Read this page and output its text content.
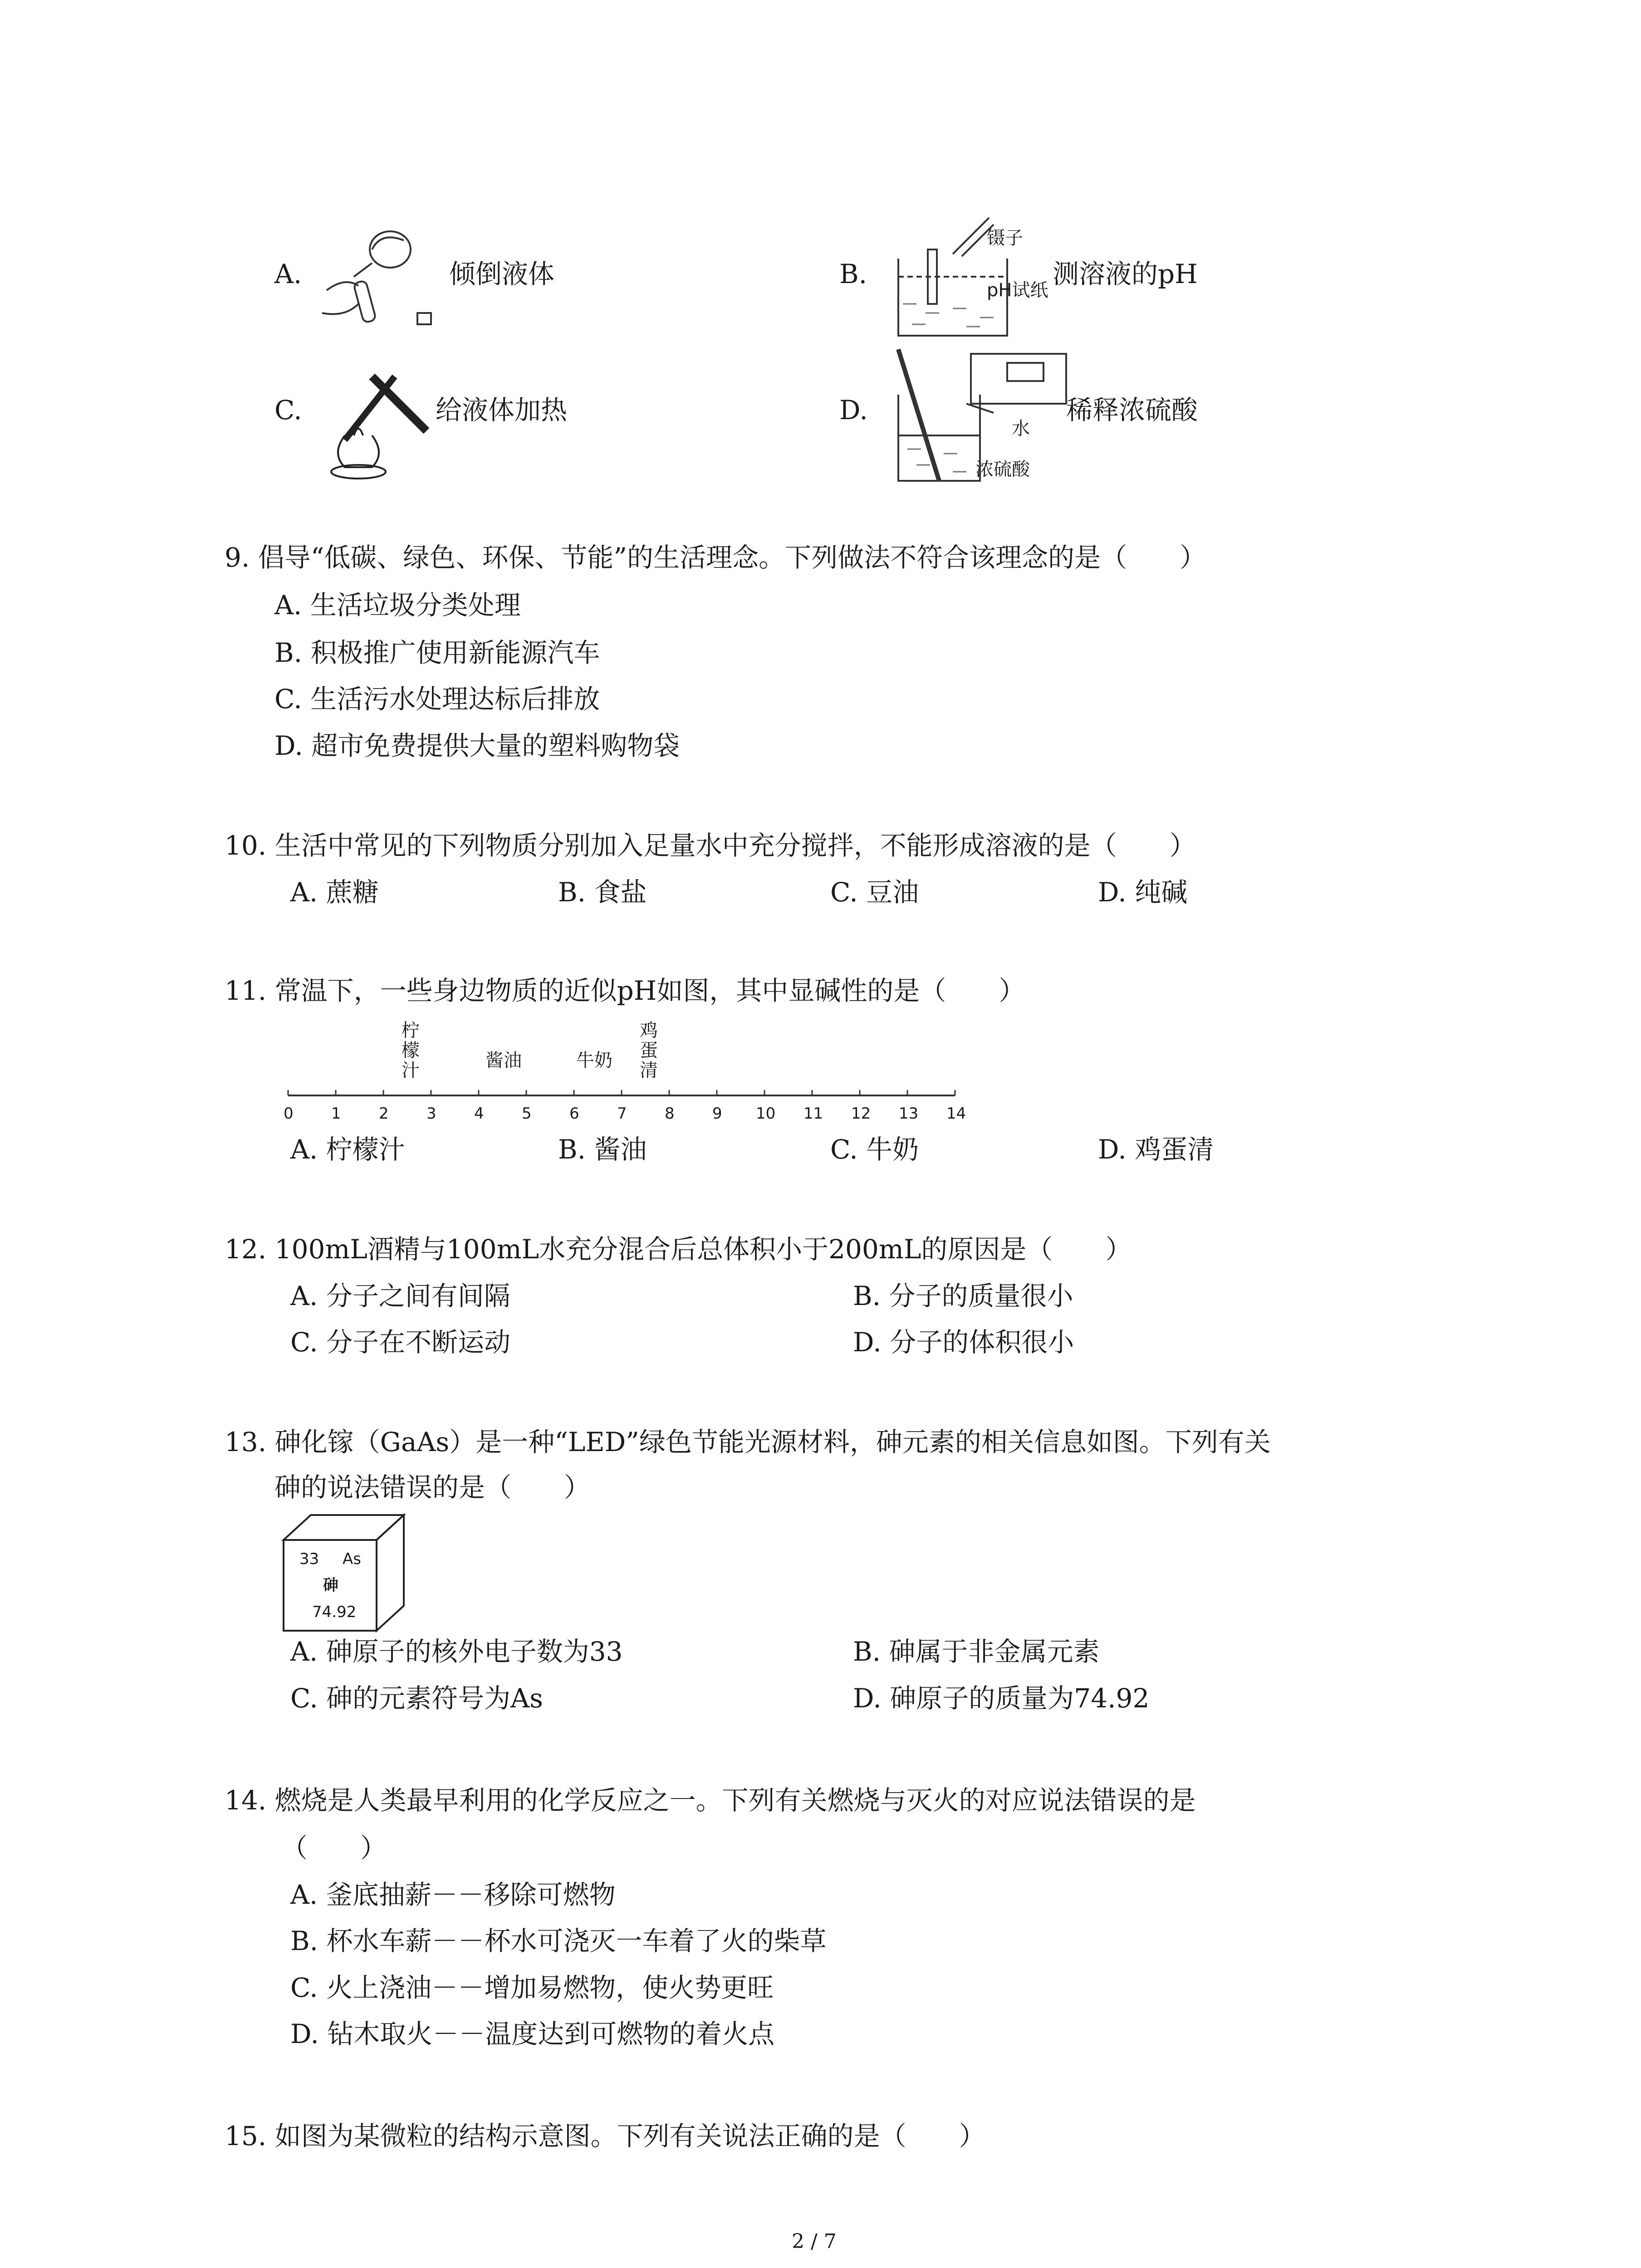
A.	倾倒液体	B.
镊子
pH试纸
测溶液的pH
C.	给液体加热	D.
水
浓硫酸
稀释浓硫酸
9. 倡导“低碳、绿色、环保、节能”的生活理念。下列做法不符合该理念的是（　　）
A. 生活垃圾分类处理
B. 积极推广使用新能源汽车
C. 生活污水处理达标后排放
D. 超市免费提供大量的塑料购物袋
10. 生活中常见的下列物质分别加入足量水中充分搅拌，不能形成溶液的是（　　）
A. 蔗糖	B. 食盐	C. 豆油	D. 纯碱
11. 常温下，一些身边物质的近似pH如图，其中显碱性的是（　　）
柠檬汁	酱油	牛奶
鸡蛋清
0 1 2 3 4 5 6 7 8 9 10 11 12 13 14
A. 柠檬汁	B. 酱油	C. 牛奶	D. 鸡蛋清
12. 100mL酒精与100mL水充分混合后总体积小于200mL的原因是（　　）
A. 分子之间有间隔	B. 分子的质量很小
C. 分子在不断运动	D. 分子的体积很小
13. 砷化镓（GaAs）是一种“LED”绿色节能光源材料，砷元素的相关信息如图。下列有关
砷的说法错误的是（　　）
33 As
砷
74.92
A. 砷原子的核外电子数为33	B. 砷属于非金属元素
C. 砷的元素符号为As	D. 砷原子的质量为74.92
14. 燃烧是人类最早利用的化学反应之一。下列有关燃烧与灭火的对应说法错误的是
（　　）
A. 釜底抽薪－－移除可燃物
B. 杯水车薪－－杯水可浇灭一车着了火的柴草
C. 火上浇油－－增加易燃物，使火势更旺
D. 钻木取火－－温度达到可燃物的着火点
15. 如图为某微粒的结构示意图。下列有关说法正确的是（　　）
2 / 7
